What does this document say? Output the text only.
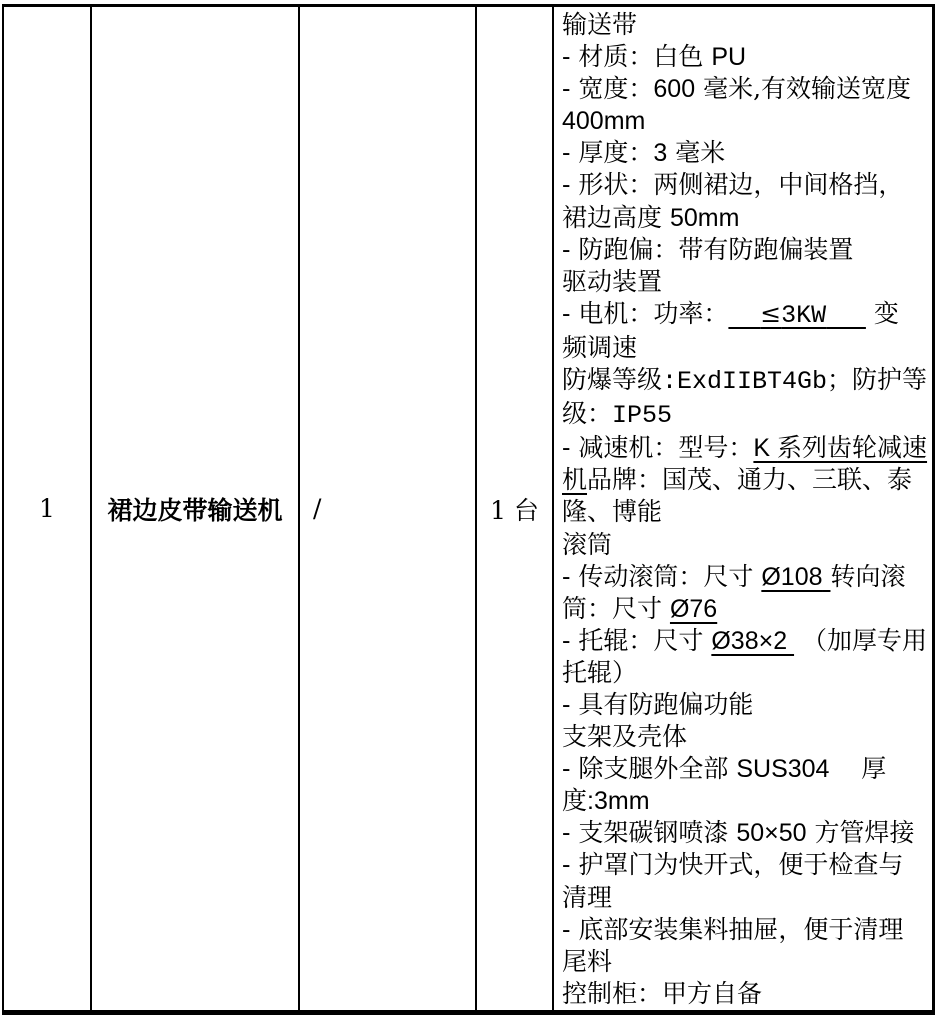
1 裙边皮带输送机 /	1 台
输送带
- 材质：白色 PU
- 宽度：600 毫米,有效输送宽度
400mm
- 厚度：3 毫米
- 形状：两侧裙边，中间格挡，
裙边高度 50mm
- 防跑偏：带有防跑偏装置
驱动装置
- 电机：功率： ≤3KW      变
频调速
防爆等级:ExdIIBT4Gb；防护等
级：IP55
- 减速机：型号：K 系列齿轮减速
机品牌：国茂、通力、三联、泰
隆、博能
滚筒
- 传动滚筒：尺寸 Ø108 转向滚
筒：尺寸 Ø76
- 托辊：尺寸 Ø38×2  （加厚专用
托辊）
- 具有防跑偏功能
支架及壳体
- 除支腿外全部 SUS304    厚
度:3mm
- 支架碳钢喷漆 50×50 方管焊接
- 护罩门为快开式，便于检查与
清理
- 底部安装集料抽屉，便于清理
尾料
控制柜：甲方自备
